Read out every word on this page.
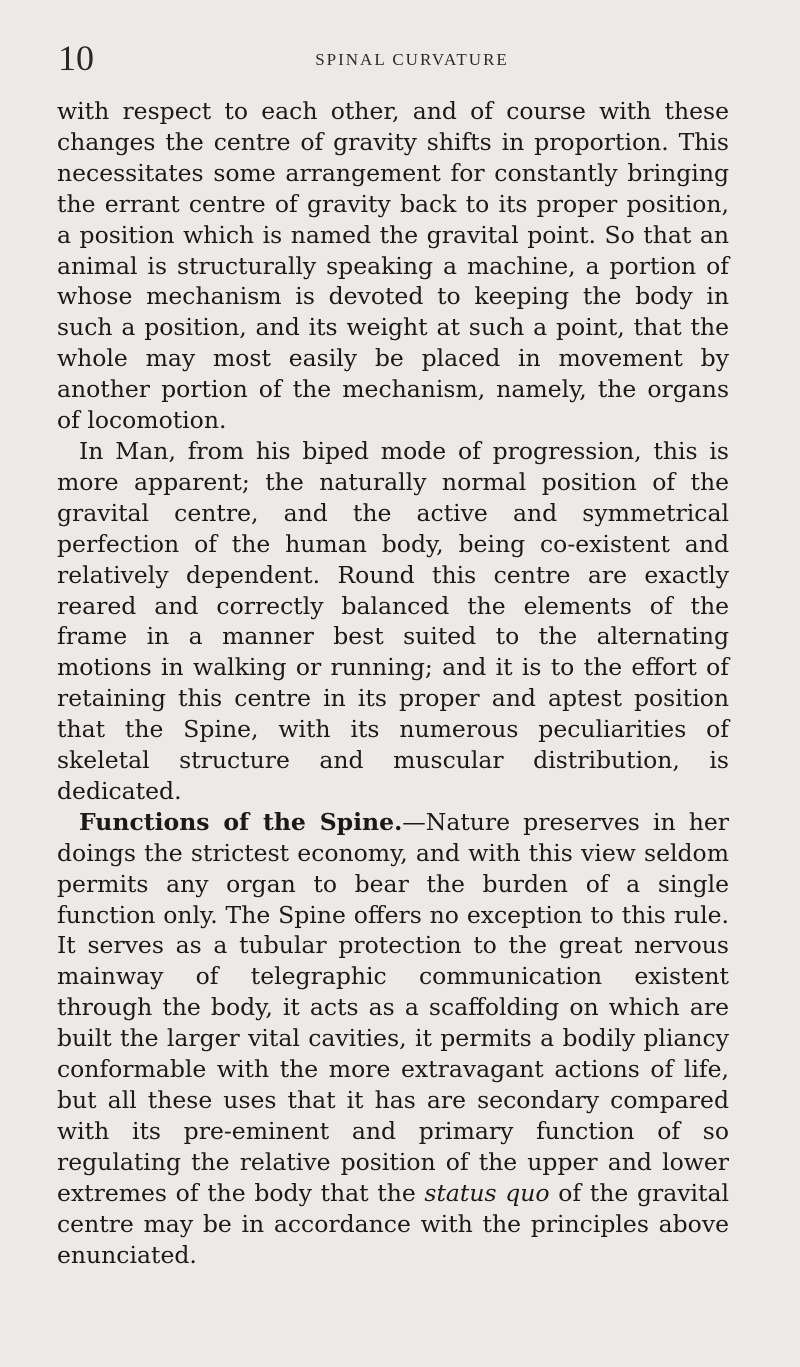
10	SPINAL CURVATURE

with respect to each other, and of course with these changes the centre of gravity shifts in proportion. This necessitates some arrangement for constantly bringing the errant centre of gravity back to its proper position, a position which is named the gravital point. So that an animal is structurally speaking a machine, a portion of whose mechanism is devoted to keeping the body in such a position, and its weight at such a point, that the whole may most easily be placed in movement by another portion of the mechanism, namely, the organs of locomotion.

In Man, from his biped mode of progression, this is more apparent; the naturally normal position of the gravital centre, and the active and symmetrical perfection of the human body, being co-existent and relatively dependent. Round this centre are exactly reared and correctly balanced the elements of the frame in a manner best suited to the alternating motions in walking or running; and it is to the effort of retaining this centre in its proper and aptest position that the Spine, with its numerous peculiarities of skeletal structure and muscular distribution, is dedicated.

Functions of the Spine.—Nature preserves in her doings the strictest economy, and with this view seldom permits any organ to bear the burden of a single function only. The Spine offers no exception to this rule. It serves as a tubular protection to the great nervous mainway of telegraphic communication existent through the body, it acts as a scaffolding on which are built the larger vital cavities, it permits a bodily pliancy conformable with the more extravagant actions of life, but all these uses that it has are secondary compared with its pre-eminent and primary function of so regulating the relative position of the upper and lower extremes of the body that the status quo of the gravital centre may be in accordance with the principles above enunciated.
